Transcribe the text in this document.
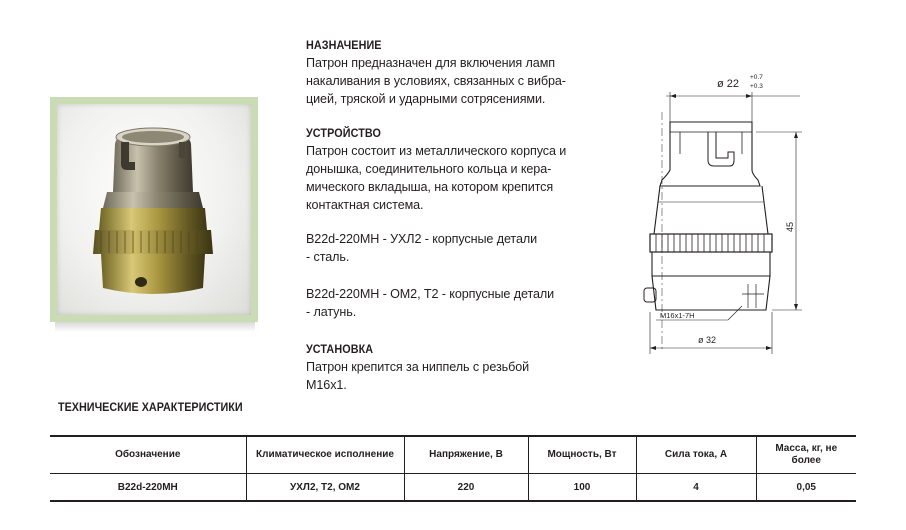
НАЗНАЧЕНИЕ
Патрон предназначен для включения ламп
накаливания в условиях, связанных с вибра-
цией, тряской и ударными сотрясениями.
УСТРОЙСТВО
Патрон состоит из металлического корпуса и
донышка, соединительного кольца и кера-
мического вкладыша, на котором крепится
контактная система.
B22d-220МН - УХЛ2 - корпусные детали
- сталь.
B22d-220МН - ОМ2, Т2 - корпусные детали
- латунь.
УСТАНОВКА
Патрон крепится за ниппель с резьбой
М16х1.
ø 22
+0.7
+0.3
45
М16х1-7Н
ø 32
ТЕХНИЧЕСКИЕ ХАРАКТЕРИСТИКИ
Обозначение	Климатическое исполнение	Напряжение, В	Мощность, Вт	Сила тока, А	Масса, кг, не более
B22d-220МН	УХЛ2, Т2, ОМ2	220	100	4	0,05
